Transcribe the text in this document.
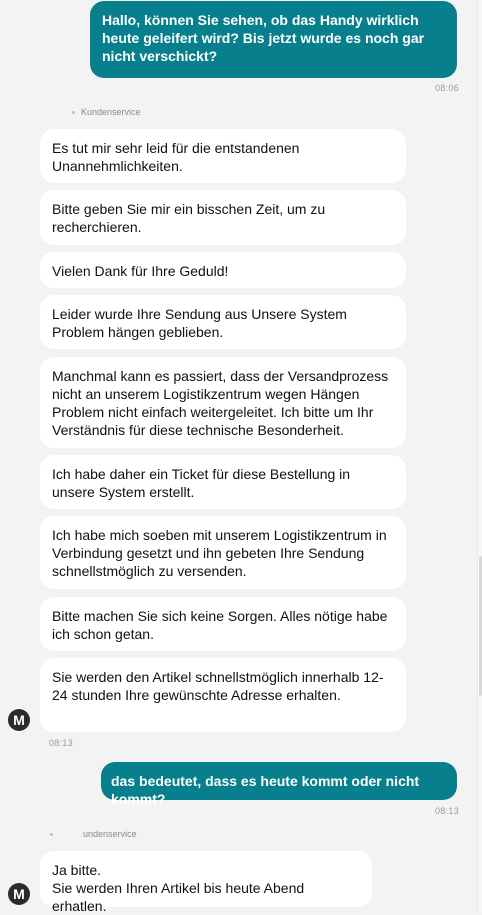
Hallo, können Sie sehen, ob das Handy wirklich heute geleifert wird? Bis jetzt wurde es noch gar nicht verschickt?
08:06
Kundenservice

Es tut mir sehr leid für die entstandenen Unannehmlichkeiten.

Bitte geben Sie mir ein bisschen Zeit, um zu recherchieren.

Vielen Dank für Ihre Geduld!

Leider wurde Ihre Sendung aus Unsere System Problem hängen geblieben.

Manchmal kann es passiert, dass der Versandprozess nicht an unserem Logistikzentrum wegen Hängen Problem nicht einfach weitergeleitet. Ich bitte um Ihr Verständnis für diese technische Besonderheit.

Ich habe daher ein Ticket für diese Bestellung in unsere System erstellt.

Ich habe mich soeben mit unserem Logistikzentrum in Verbindung gesetzt und ihn gebeten Ihre Sendung schnellstmöglich zu versenden.

Bitte machen Sie sich keine Sorgen. Alles nötige habe ich schon getan.

Sie werden den Artikel schnellstmöglich innerhalb 12-24 stunden Ihre gewünschte Adresse erhalten.

M
08:13
das bedeutet, dass es heute kommt oder nicht kommt?
08:13
undenservice

Ja bitte.
Sie werden Ihren Artikel bis heute Abend erhatlen.

M
